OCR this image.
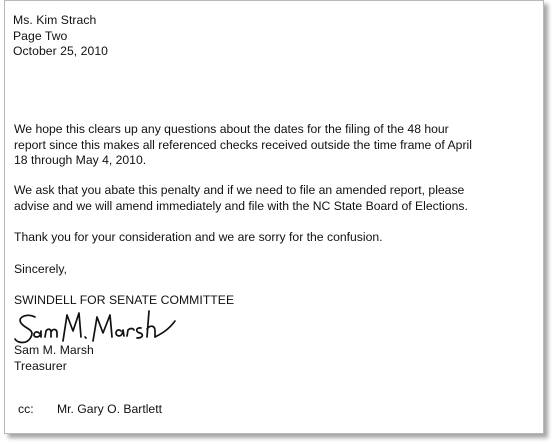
Ms. Kim Strach
Page Two
October 25, 2010
We hope this clears up any questions about the dates for the filing of the 48 hour
report since this makes all referenced checks received outside the time frame of April
18 through May 4, 2010.
We ask that you abate this penalty and if we need to file an amended report, please
advise and we will amend immediately and file with the NC State Board of Elections.
Thank you for your consideration and we are sorry for the confusion.
Sincerely,
SWINDELL FOR SENATE COMMITTEE
Sam M. Marsh
Treasurer
cc: Mr. Gary O. Bartlett
